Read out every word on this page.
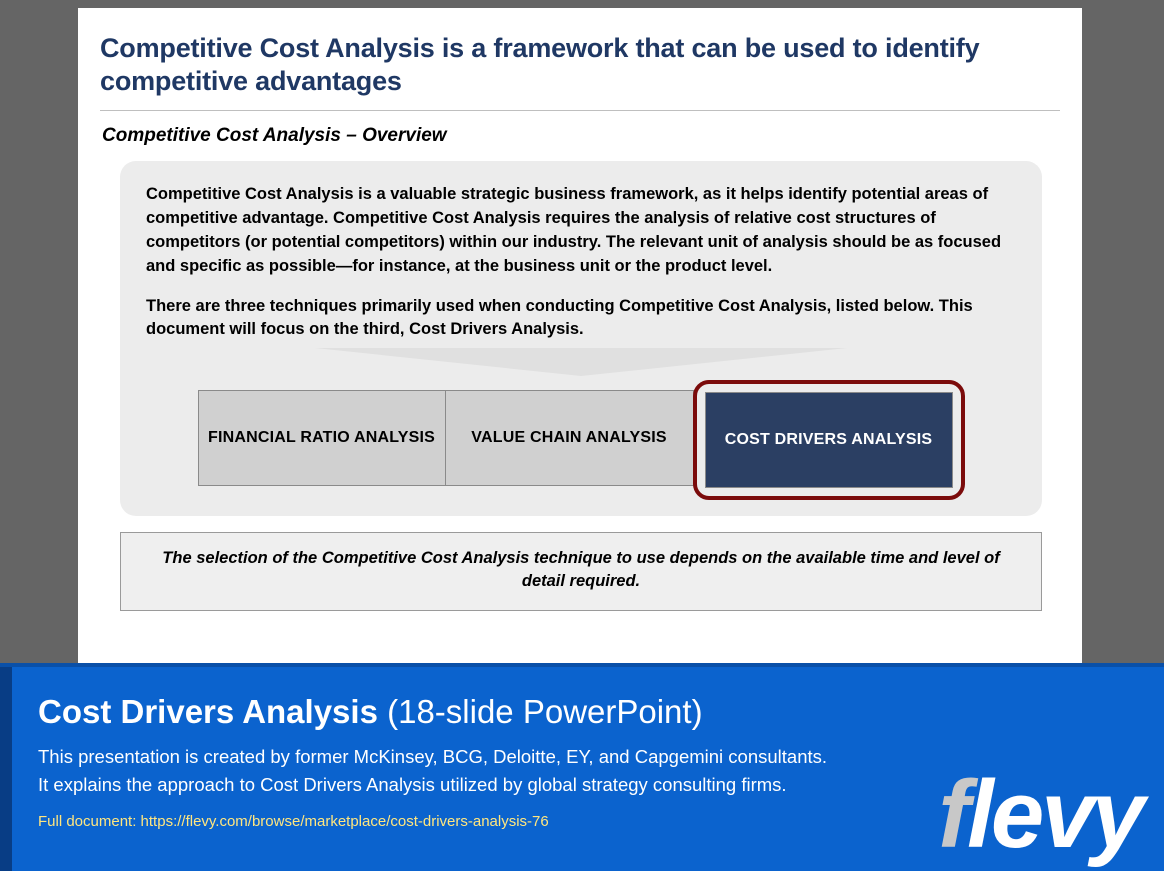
Competitive Cost Analysis is a framework that can be used to identify competitive advantages
Competitive Cost Analysis – Overview

Competitive Cost Analysis is a valuable strategic business framework, as it helps identify potential areas of competitive advantage. Competitive Cost Analysis requires the analysis of relative cost structures of competitors (or potential competitors) within our industry. The relevant unit of analysis should be as focused and specific as possible—for instance, at the business unit or the product level.

There are three techniques primarily used when conducting Competitive Cost Analysis, listed below. This document will focus on the third, Cost Drivers Analysis.

FINANCIAL RATIO ANALYSIS VALUE CHAIN ANALYSIS	COST DRIVERS ANALYSIS
The selection of the Competitive Cost Analysis technique to use depends on the available time and level of detail required.
Cost Drivers Analysis (18-slide PowerPoint)

This presentation is created by former McKinsey, BCG, Deloitte, EY, and Capgemini consultants. It explains the approach to Cost Drivers Analysis utilized by global strategy consulting firms.

Full document: https://flevy.com/browse/marketplace/cost-drivers-analysis-76	flevy
